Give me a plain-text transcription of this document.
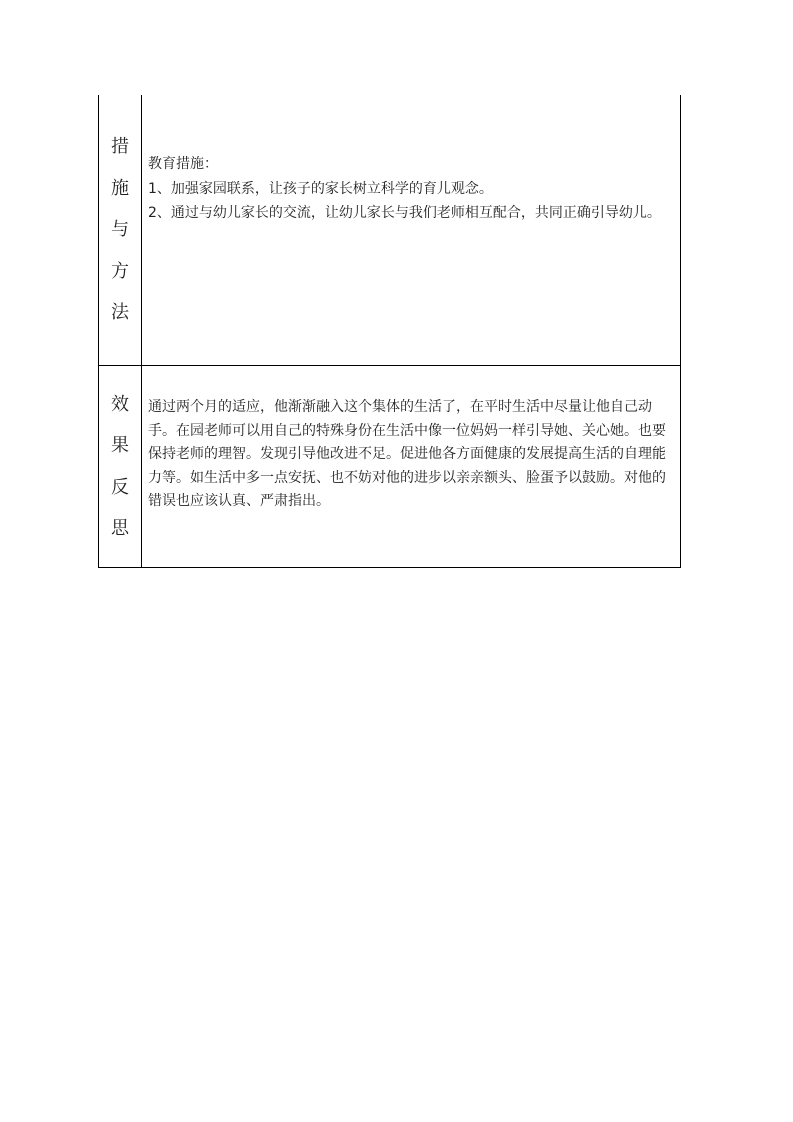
措
施
与
方
法	教育措施：
1、加强家园联系，让孩子的家长树立科学的育儿观念。
2、通过与幼儿家长的交流，让幼儿家长与我们老师相互配合，共同正确引导幼儿。

效
果
反
思	通过两个月的适应，他渐渐融入这个集体的生活了，在平时生活中尽量让他自己动手。在园老师可以用自己的特殊身份在生活中像一位妈妈一样引导她、关心她。也要保持老师的理智。发现引导他改进不足。促进他各方面健康的发展提高生活的自理能力等。如生活中多一点安抚、也不妨对他的进步以亲亲额头、脸蛋予以鼓励。对他的错误也应该认真、严肃指出。
